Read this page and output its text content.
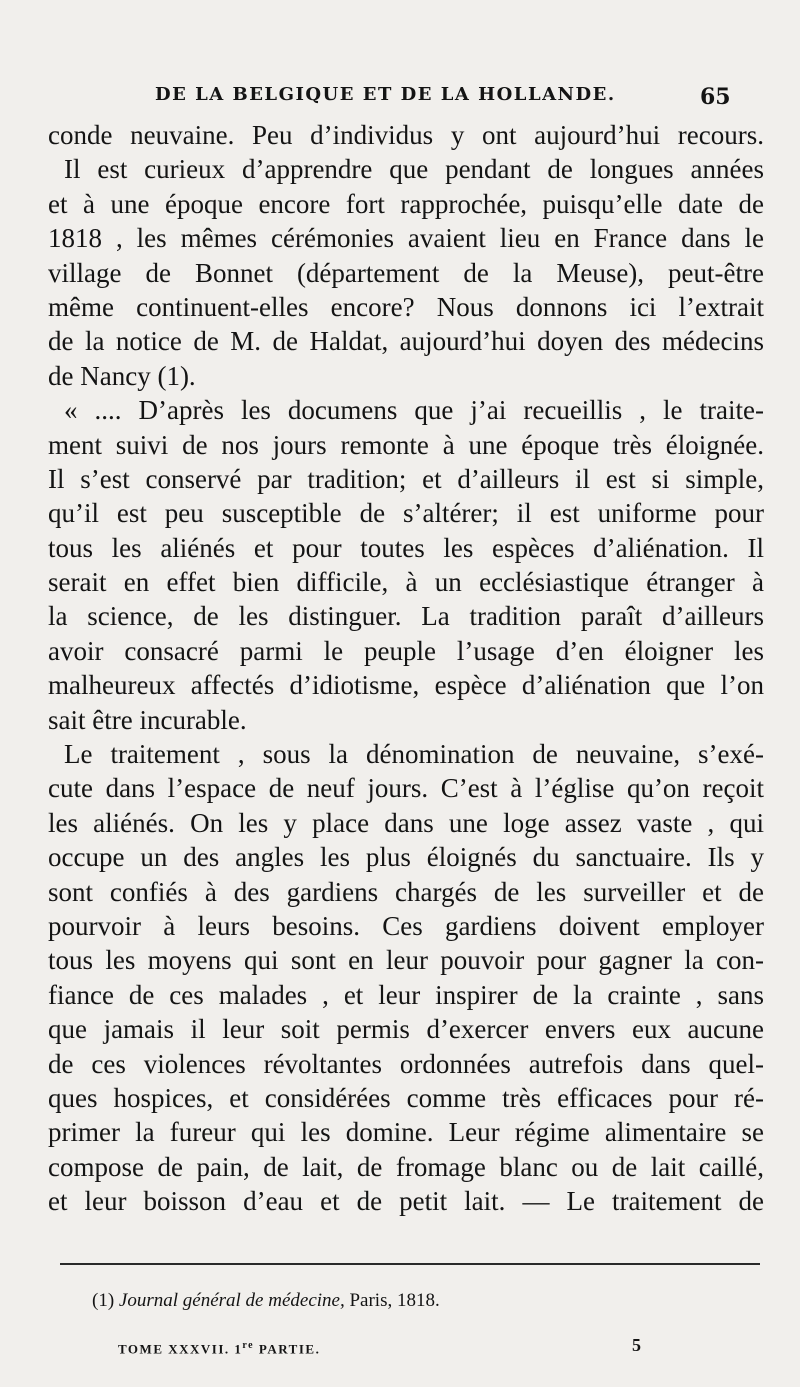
DE LA BELGIQUE ET DE LA HOLLANDE.	65
conde neuvaine. Peu d’individus y ont aujourd’hui recours.
Il est curieux d’apprendre que pendant de longues années
et à une époque encore fort rapprochée, puisqu’elle date de
1818 , les mêmes cérémonies avaient lieu en France dans le
village de Bonnet (département de la Meuse), peut-être
même continuent-elles encore? Nous donnons ici l’extrait
de la notice de M. de Haldat, aujourd’hui doyen des médecins
de Nancy (1).
« .... D’après les documens que j’ai recueillis , le traite-
ment suivi de nos jours remonte à une époque très éloignée.
Il s’est conservé par tradition; et d’ailleurs il est si simple,
qu’il est peu susceptible de s’altérer; il est uniforme pour
tous les aliénés et pour toutes les espèces d’aliénation. Il
serait en effet bien difficile, à un ecclésiastique étranger à
la science, de les distinguer. La tradition paraît d’ailleurs
avoir consacré parmi le peuple l’usage d’en éloigner les
malheureux affectés d’idiotisme, espèce d’aliénation que l’on
sait être incurable.
Le traitement , sous la dénomination de neuvaine, s’exé-
cute dans l’espace de neuf jours. C’est à l’église qu’on reçoit
les aliénés. On les y place dans une loge assez vaste , qui
occupe un des angles les plus éloignés du sanctuaire. Ils y
sont confiés à des gardiens chargés de les surveiller et de
pourvoir à leurs besoins. Ces gardiens doivent employer
tous les moyens qui sont en leur pouvoir pour gagner la con-
fiance de ces malades , et leur inspirer de la crainte , sans
que jamais il leur soit permis d’exercer envers eux aucune
de ces violences révoltantes ordonnées autrefois dans quel-
ques hospices, et considérées comme très efficaces pour ré-
primer la fureur qui les domine. Leur régime alimentaire se
compose de pain, de lait, de fromage blanc ou de lait caillé,
et leur boisson d’eau et de petit lait. — Le traitement de
(1) Journal général de médecine, Paris, 1818.
TOME XXXVII. 1re PARTIE.	5
